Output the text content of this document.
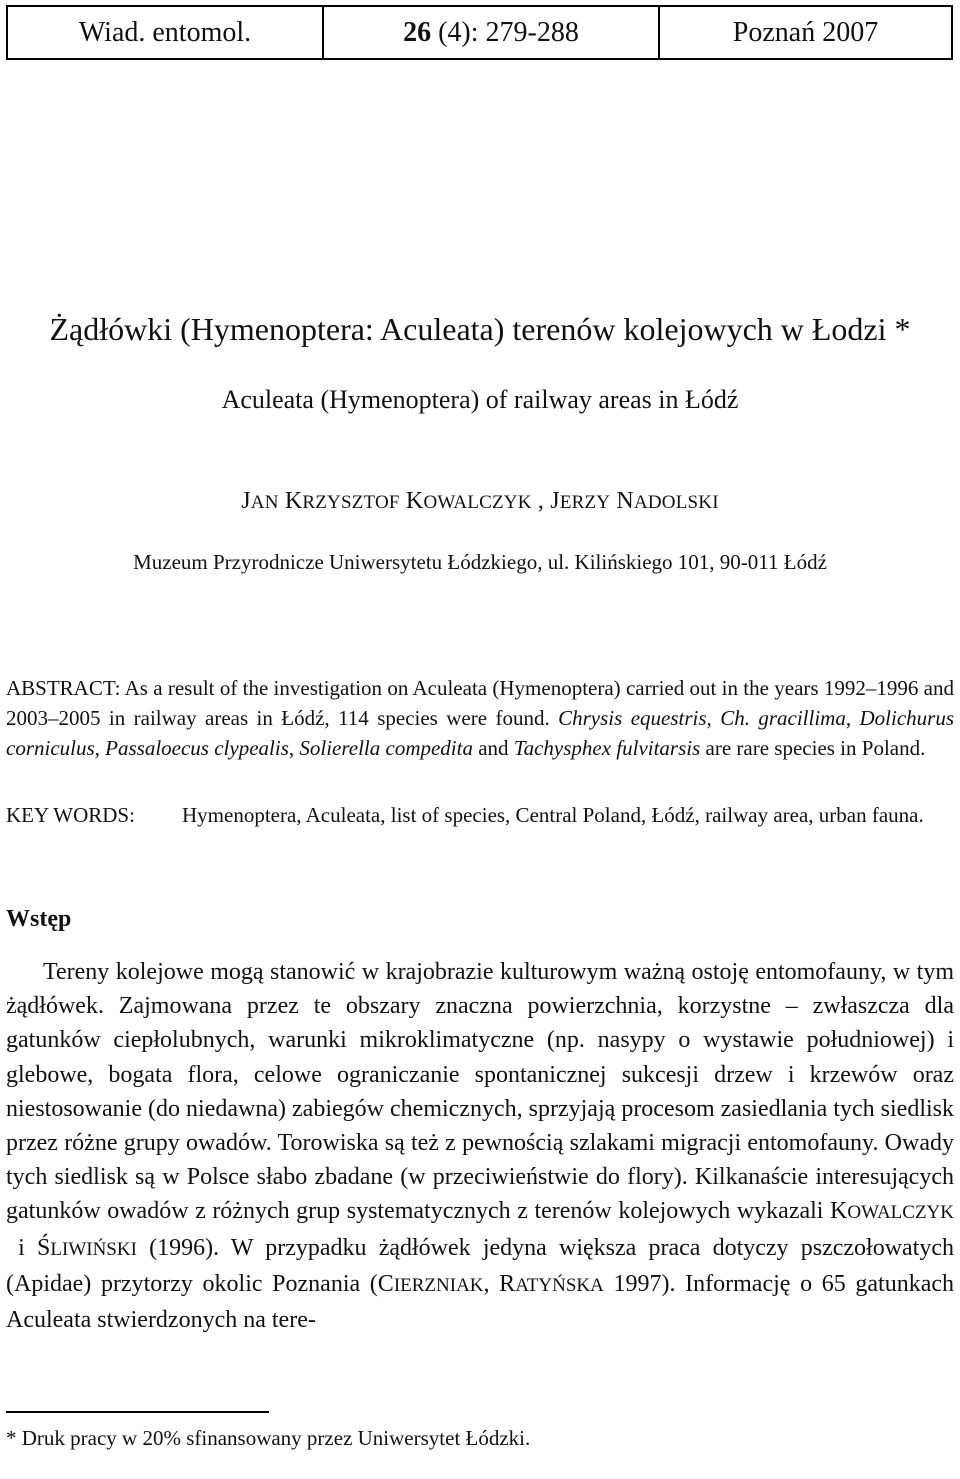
Wiad. entomol.	26 (4): 279-288	Poznań 2007
Żądłówki (Hymenoptera: Aculeata) terenów kolejowych w Łodzi *
Aculeata (Hymenoptera) of railway areas in Łódź
JAN KRZYSZTOF KOWALCZYK , JERZY NADOLSKI
Muzeum Przyrodnicze Uniwersytetu Łódzkiego, ul. Kilińskiego 101, 90-011 Łódź
ABSTRACT: As a result of the investigation on Aculeata (Hymenoptera) carried out in the years 1992–1996 and 2003–2005 in railway areas in Łódź, 114 species were found. Chrysis equestris, Ch. gracillima, Dolichurus corniculus, Passaloecus clypealis, Solierella compedita and Tachysphex fulvitarsis are rare species in Poland.
KEY WORDS: Hymenoptera, Aculeata, list of species, Central Poland, Łódź, railway area, urban fauna.
Wstęp
Tereny kolejowe mogą stanowić w krajobrazie kulturowym ważną ostoję entomofauny, w tym żądłówek. Zajmowana przez te obszary znaczna powierzchnia, korzystne – zwłaszcza dla gatunków ciepłolubnych, warunki mikroklimatyczne (np. nasypy o wystawie południowej) i glebowe, bogata flora, celowe ograniczanie spontanicznej sukcesji drzew i krzewów oraz niestosowanie (do niedawna) zabiegów chemicznych, sprzyjają procesom zasiedlania tych siedlisk przez różne grupy owadów. Torowiska są też z pewnością szlakami migracji entomofauny. Owady tych siedlisk są w Polsce słabo zbadane (w przeciwieństwie do flory). Kilkanaście interesujących gatunków owadów z różnych grup systematycznych z terenów kolejowych wykazali KOWALCZYK i ŚLIWIŃSKI (1996). W przypadku żądłówek jedyna większa praca dotyczy pszczołowatych (Apidae) przytorzy okolic Poznania (CIERZNIAK, RATYŃSKA 1997). Informację o 65 gatunkach Aculeata stwierdzonych na tere-
* Druk pracy w 20% sfinansowany przez Uniwersytet Łódzki.
